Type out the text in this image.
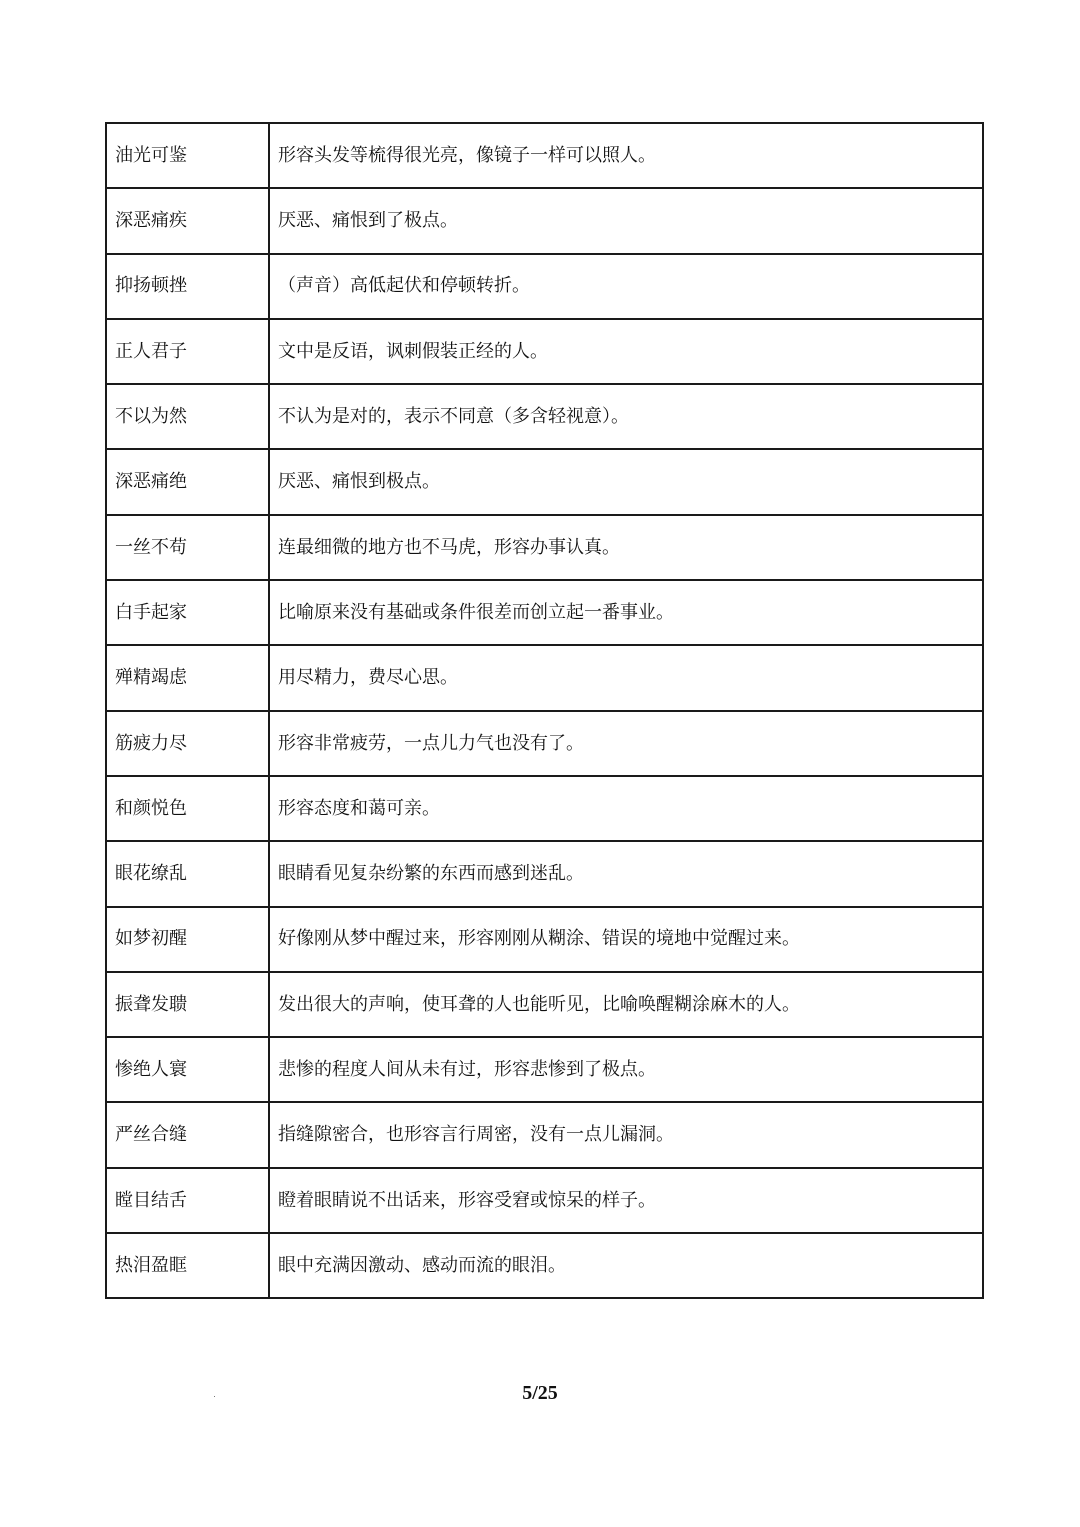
油光可鉴	形容头发等梳得很光亮，像镜子一样可以照人。
深恶痛疾	厌恶、痛恨到了极点。
抑扬顿挫	（声音）高低起伏和停顿转折。
正人君子	文中是反语，讽刺假装正经的人。
不以为然	不认为是对的，表示不同意（多含轻视意）。
深恶痛绝	厌恶、痛恨到极点。
一丝不苟	连最细微的地方也不马虎，形容办事认真。
白手起家	比喻原来没有基础或条件很差而创立起一番事业。
殚精竭虑	用尽精力，费尽心思。
筋疲力尽	形容非常疲劳，一点儿力气也没有了。
和颜悦色	形容态度和蔼可亲。
眼花缭乱	眼睛看见复杂纷繁的东西而感到迷乱。
如梦初醒	好像刚从梦中醒过来，形容刚刚从糊涂、错误的境地中觉醒过来。
振聋发聩	发出很大的声响，使耳聋的人也能听见，比喻唤醒糊涂麻木的人。
惨绝人寰	悲惨的程度人间从未有过，形容悲惨到了极点。
严丝合缝	指缝隙密合，也形容言行周密，没有一点儿漏洞。
瞠目结舌	瞪着眼睛说不出话来，形容受窘或惊呆的样子。
热泪盈眶	眼中充满因激动、感动而流的眼泪。
5/25
